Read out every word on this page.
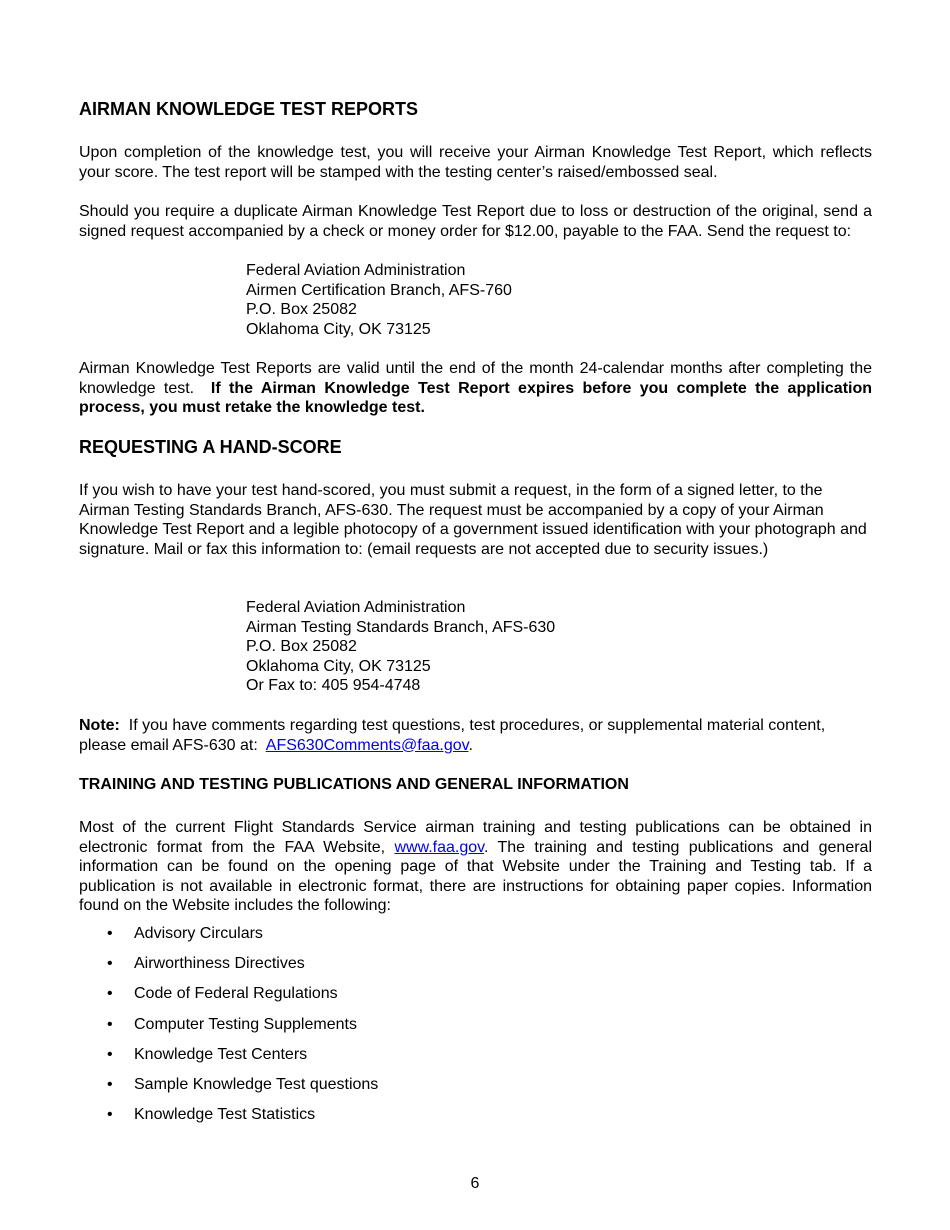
AIRMAN KNOWLEDGE TEST REPORTS

Upon completion of the knowledge test, you will receive your Airman Knowledge Test Report, which reflects your score. The test report will be stamped with the testing center’s raised/embossed seal.

Should you require a duplicate Airman Knowledge Test Report due to loss or destruction of the original, send a signed request accompanied by a check or money order for $12.00, payable to the FAA. Send the request to:

Federal Aviation Administration
Airmen Certification Branch, AFS-760
P.O. Box 25082
Oklahoma City, OK 73125

Airman Knowledge Test Reports are valid until the end of the month 24-calendar months after completing the knowledge test. If the Airman Knowledge Test Report expires before you complete the application process, you must retake the knowledge test.

REQUESTING A HAND-SCORE

If you wish to have your test hand-scored, you must submit a request, in the form of a signed letter, to the Airman Testing Standards Branch, AFS-630. The request must be accompanied by a copy of your Airman Knowledge Test Report and a legible photocopy of a government issued identification with your photograph and signature. Mail or fax this information to: (email requests are not accepted due to security issues.)

Federal Aviation Administration
Airman Testing Standards Branch, AFS-630
P.O. Box 25082
Oklahoma City, OK 73125
Or Fax to: 405 954-4748

Note: If you have comments regarding test questions, test procedures, or supplemental material content, please email AFS-630 at: AFS630Comments@faa.gov.

TRAINING AND TESTING PUBLICATIONS AND GENERAL INFORMATION

Most of the current Flight Standards Service airman training and testing publications can be obtained in electronic format from the FAA Website, www.faa.gov. The training and testing publications and general information can be found on the opening page of that Website under the Training and Testing tab. If a publication is not available in electronic format, there are instructions for obtaining paper copies. Information found on the Website includes the following:

• Advisory Circulars
• Airworthiness Directives
• Code of Federal Regulations
• Computer Testing Supplements
• Knowledge Test Centers
• Sample Knowledge Test questions
• Knowledge Test Statistics
6
